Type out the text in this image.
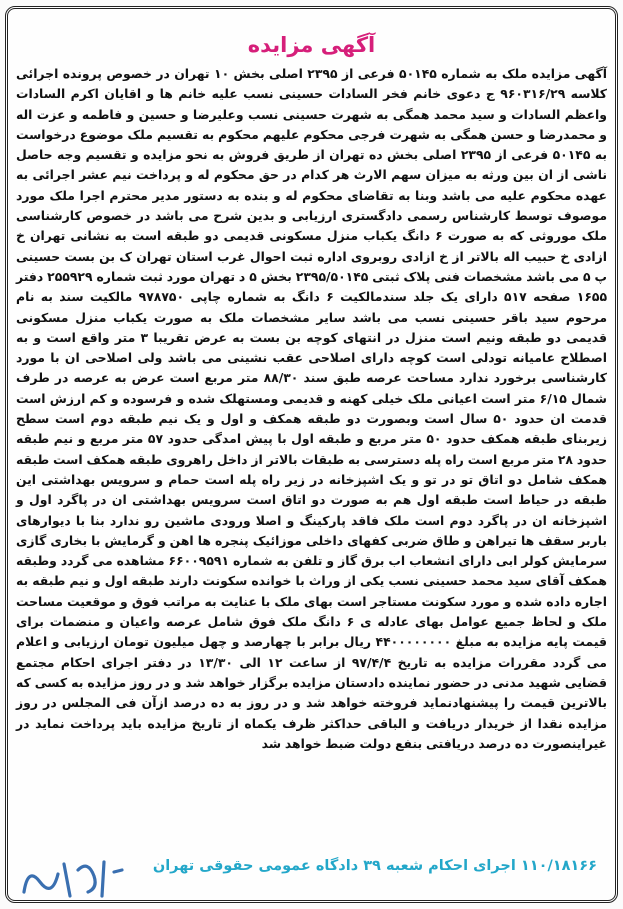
آگهی مزایده
آگهی مزایده ملک به شماره ۵۰۱۴۵ فرعی از ۲۳۹۵ اصلی بخش ۱۰ تهران در خصوص پرونده اجرائی کلاسه ۹۶۰۳۱۶/۲۹ ج دعوی خانم فخر السادات حسینی نسب علیه خانم ها و اقایان اکرم السادات واعظم السادات و سید محمد همگی به شهرت حسینی نسب وعلیرضا و حسین و فاطمه و عزت اله و محمدرضا و حسن همگی به شهرت فرجی محکوم علیهم محکوم به تقسیم ملک موضوع درخواست به ۵۰۱۴۵ فرعی از ۲۳۹۵ اصلی بخش ده تهران از طریق فروش به نحو مزایده و تقسیم وجه حاصل ناشی از ان بین ورثه به میزان سهم الارث هر کدام در حق محکوم له و پرداخت نیم عشر اجرائی به عهده محکوم علیه می باشد وبنا به تقاضای محکوم له و بنده به دستور مدیر محترم اجرا ملک مورد موصوف توسط کارشناس رسمی دادگستری ارزیابی و بدین شرح می باشد در خصوص کارشناسی ملک موروثی که به صورت ۶ دانگ یکباب منزل مسکونی قدیمی دو طبقه است به نشانی تهران خ ازادی خ حبیب اله بالاتر از خ ازادی روبروی اداره ثبت احوال غرب استان تهران ک بن بست حسینی پ ۵ می باشد مشخصات فنی پلاک ثبتی ۲۳۹۵/۵۰۱۴۵ بخش ۵ د تهران مورد ثبت شماره ۲۵۵۹۲۹ دفتر ۱۶۵۵ صفحه ۵۱۷ دارای یک جلد سندمالکیت ۶ دانگ به شماره چاپی ۹۷۸۷۵۰ مالکیت سند به نام مرحوم سید باقر حسینی نسب می باشد سایر مشخصات ملک به صورت یکباب منزل مسکونی قدیمی دو طبقه ونیم است منزل در انتهای کوچه بن بست به عرض تقریبا ۳ متر واقع است و به اصطلاح عامیانه تودلی است کوچه دارای اصلاحی عقب نشینی می باشد ولی اصلاحی ان با مورد کارشناسی برخورد ندارد مساحت عرصه طبق سند ۸۸/۳۰ متر مربع است عرض به عرصه در طرف شمال ۶/۱۵ متر است اعیانی ملک خیلی کهنه و قدیمی ومستهلک شده و فرسوده و کم ارزش است قدمت ان حدود ۵۰ سال است وبصورت دو طبقه همکف و اول و یک نیم طبقه دوم است سطح زیربنای طبقه همکف حدود ۵۰ متر مربع و طبقه اول با پیش امدگی حدود ۵۷ متر مربع و نیم طبقه حدود ۲۸ متر مربع است راه پله دسترسی به طبقات بالاتر از داخل راهروی طبقه همکف است طبقه همکف شامل دو اتاق تو در تو و یک اشپزخانه در زیر راه پله است حمام و سرویس بهداشتی این طبقه در حیاط است طبقه اول هم به صورت دو اتاق است سرویس بهداشتی ان در پاگرد اول و اشپزخانه ان در پاگرد دوم است ملک فاقد پارکینگ و اصلا ورودی ماشین رو ندارد بنا با دیوارهای باربر سقف ها تیراهن و طاق ضربی کفهای داخلی موزائیک پنجره ها اهن و گرمایش با بخاری گازی سرمایش کولر ابی دارای انشعاب اب برق گاز و تلفن به شماره ۶۶۰۰۹۵۹۱ مشاهده می گردد وطبقه همکف آقای سید محمد حسینی نسب یکی از وراث با خوانده سکونت دارند طبقه اول و نیم طبقه به اجاره داده شده و مورد سکونت مستاجر است بهای ملک با عنایت به مراتب فوق و موقعیت مساحت ملک و لحاظ جمیع عوامل بهای عادله ی ۶ دانگ ملک فوق شامل عرصه واعیان و منضمات برای قیمت پایه مزایده به مبلغ ۴۴۰۰۰۰۰۰۰۰ ریال برابر با چهارصد و چهل میلیون تومان ارزیابی و اعلام می گردد مقررات مزایده به تاریخ ۹۷/۴/۴ از ساعت ۱۲ الی ۱۳/۳۰ در دفتر اجرای احکام مجتمع قضایی شهید مدنی در حضور نماینده دادستان مزایده برگزار خواهد شد و در روز مزایده به کسی که بالاترین قیمت را پیشنهادنماید فروخته خواهد شد و در روز به ده درصد ازآن فی المجلس در روز مزایده نقدا از خریدار دریافت و الباقی حداکثر ظرف یکماه از تاریخ مزایده باید پرداخت نماید در غیراینصورت ده درصد دریافتی بنفع دولت ضبط خواهد شد
۱۱۰/۱۸۱۶۶ اجرای احکام شعبه ۳۹ دادگاه عمومی حقوقی تهران
